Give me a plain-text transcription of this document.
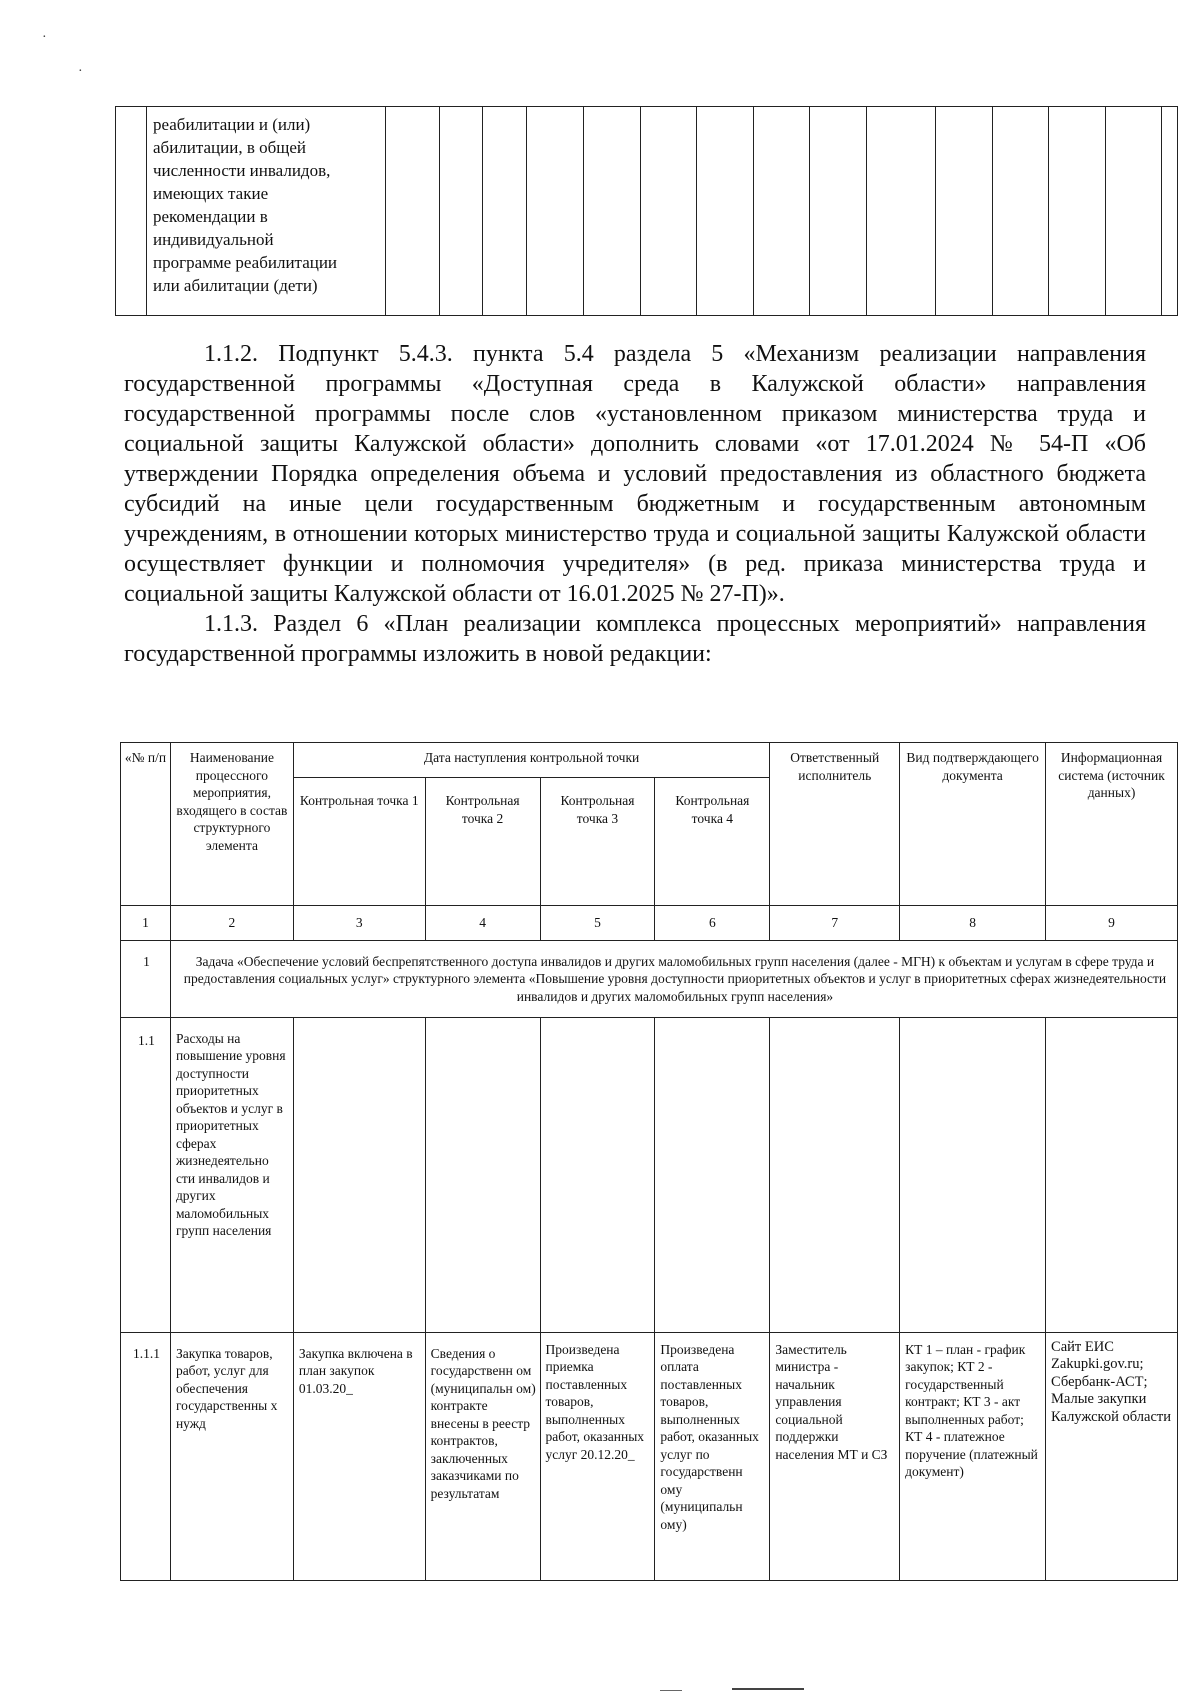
·
·

реабилитации и (или)
абилитации, в общей
численности инвалидов,
имеющих такие
рекомендации в
индивидуальной
программе реабилитации
или абилитации (дети)

1.1.2. Подпункт 5.4.3. пункта 5.4 раздела 5 «Механизм реализации направления государственной программы «Доступная среда в Калужской области» направления государственной программы после слов «установленном приказом министерства труда и социальной защиты Калужской области» дополнить словами «от 17.01.2024 № 54-П «Об утверждении Порядка определения объема и условий предоставления из областного бюджета субсидий на иные цели государственным бюджетным и государственным автономным учреждениям, в отношении которых министерство труда и социальной защиты Калужской области осуществляет функции и полномочия учредителя» (в ред. приказа министерства труда и социальной защиты Калужской области от 16.01.2025 № 27-П)».

1.1.3. Раздел 6 «План реализации комплекса процессных мероприятий» направления государственной программы изложить в новой редакции:

«№ п/п	Наименование процессного мероприятия, входящего в состав структурного элемента	Дата наступления контрольной точки				Ответственный исполнитель	Вид подтверждающего документа	Информационная система (источник данных)
		Контрольная точка 1	Контрольная точка 2	Контрольная точка 3	Контрольная точка 4			
1	2	3	4	5	6	7	8	9
1	Задача «Обеспечение условий беспрепятственного доступа инвалидов и других маломобильных групп населения (далее - МГН) к объектам и услугам в сфере труда и предоставления социальных услуг» структурного элемента «Повышение уровня доступности приоритетных объектов и услуг в приоритетных сферах жизнедеятельности инвалидов и других маломобильных групп населения»							
1.1	Расходы на повышение уровня доступности приоритетных объектов и услуг в приоритетных сферах жизнедеятельно сти инвалидов и других маломобильных групп населения							
1.1.1	Закупка товаров, работ, услуг для обеспечения государственны х нужд	Закупка включена в план закупок 01.03.20_	Сведения о государственн ом (муниципальн ом) контракте внесены в реестр контрактов, заключенных заказчиками по результатам	Произведена приемка поставленных товаров, выполненных работ, оказанных услуг 20.12.20_	Произведена оплата поставленных товаров, выполненных работ, оказанных услуг по государственн ому (муниципальн ому)	Заместитель министра - начальник управления социальной поддержки населения МТ и СЗ	КТ 1 – план - график закупок; КТ 2 - государственный контракт; КТ 3 - акт выполненных работ; КТ 4 - платежное поручение (платежный документ)	Сайт ЕИС Zakupki.gov.ru; Сбербанк-АСТ; Малые закупки Калужской области
